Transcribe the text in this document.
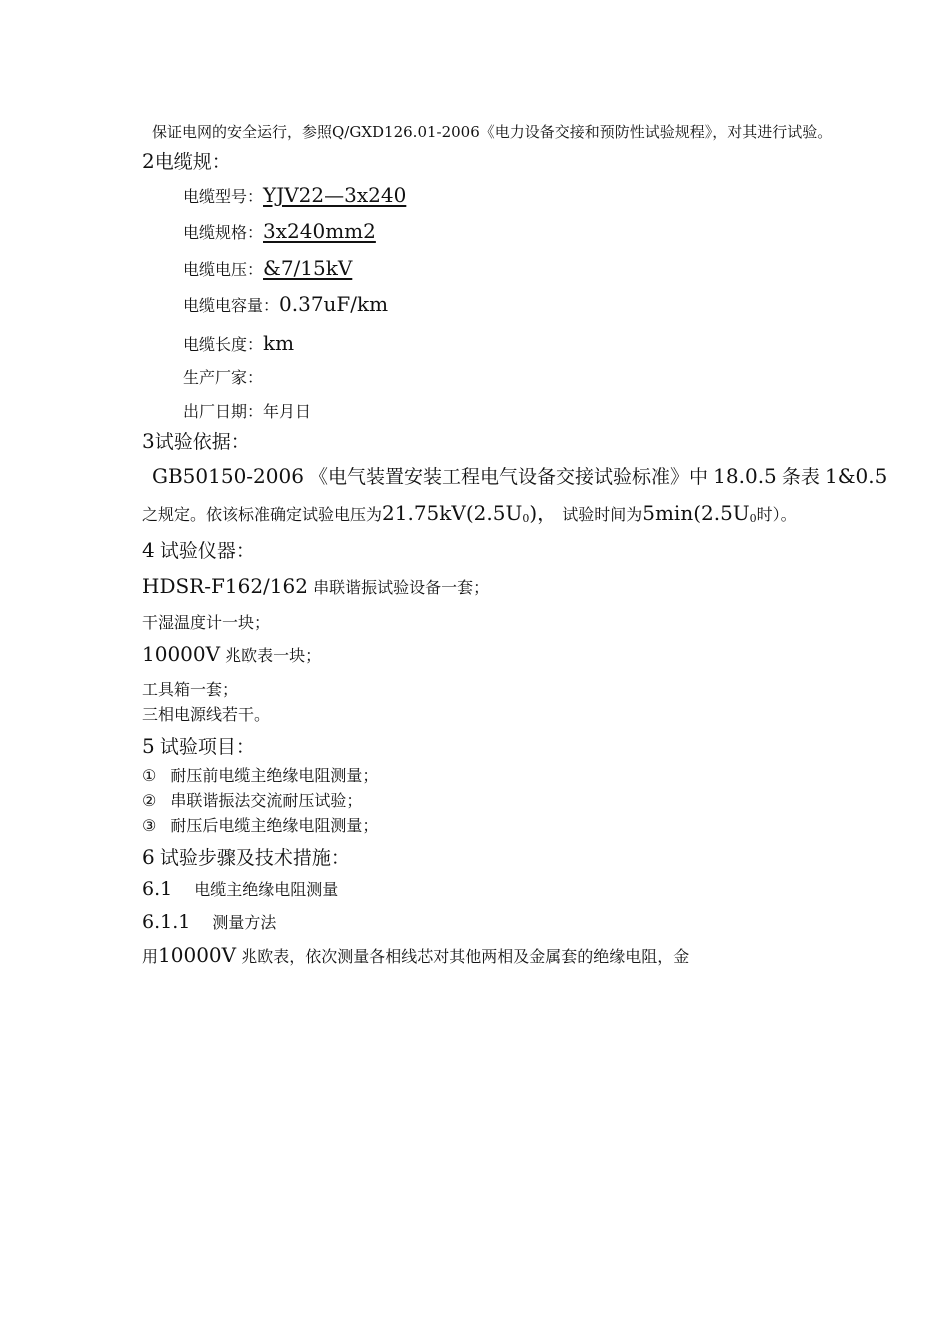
保证电网的安全运行，参照Q/GXD126.01-2006《电力设备交接和预防性试验规程》，对其进行试验。
2电缆规：
电缆型号：YJV22—3x240
电缆规格：3x240mm2
电缆电压：&7/15kV
电缆电容量：0.37uF/km
电缆长度：km
生产厂家：
出厂日期：年月日
3试验依据：
GB50150-2006 《电气装置安装工程电气设备交接试验标准》中 18.0.5 条表 1&0.5
之规定。依该标准确定试验电压为$21.75kV(2.5U_0)$， 试验时间为$5\min(2.5U_0$时）。
4 试验仪器：
HDSR-F162/162 串联谐振试验设备一套；
干湿温度计一块；
10000V 兆欧表一块；
工具箱一套；
三相电源线若干。
5 试验项目：
① 耐压前电缆主绝缘电阻测量；
② 串联谐振法交流耐压试验；
③ 耐压后电缆主绝缘电阻测量；
6 试验步骤及技术措施：
6.1 电缆主绝缘电阻测量
6.1.1 测量方法
用10000V 兆欧表，依次测量各相线芯对其他两相及金属套的绝缘电阻，金
